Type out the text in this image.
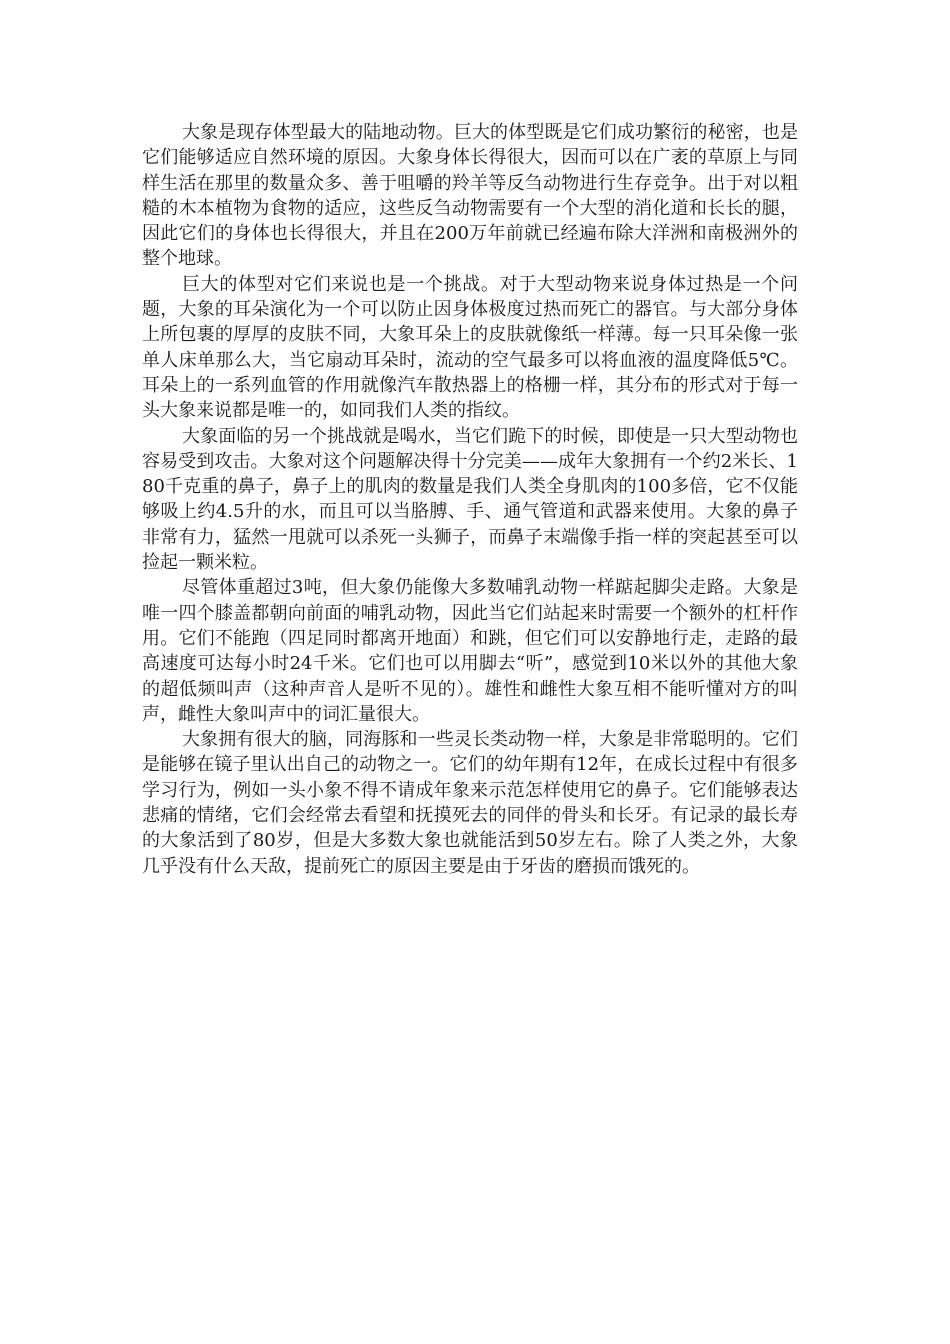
大象是现存体型最大的陆地动物。巨大的体型既是它们成功繁衍的秘密，也是它们能够适应自然环境的原因。大象身体长得很大，因而可以在广袤的草原上与同样生活在那里的数量众多、善于咀嚼的羚羊等反刍动物进行生存竞争。出于对以粗糙的木本植物为食物的适应，这些反刍动物需要有一个大型的消化道和长长的腿，因此它们的身体也长得很大，并且在200万年前就已经遍布除大洋洲和南极洲外的整个地球。

巨大的体型对它们来说也是一个挑战。对于大型动物来说身体过热是一个问题，大象的耳朵演化为一个可以防止因身体极度过热而死亡的器官。与大部分身体上所包裹的厚厚的皮肤不同，大象耳朵上的皮肤就像纸一样薄。每一只耳朵像一张单人床单那么大，当它扇动耳朵时，流动的空气最多可以将血液的温度降低5℃。耳朵上的一系列血管的作用就像汽车散热器上的格栅一样，其分布的形式对于每一头大象来说都是唯一的，如同我们人类的指纹。

大象面临的另一个挑战就是喝水，当它们跪下的时候，即使是一只大型动物也容易受到攻击。大象对这个问题解决得十分完美——成年大象拥有一个约2米长、180千克重的鼻子，鼻子上的肌肉的数量是我们人类全身肌肉的100多倍，它不仅能够吸上约4.5升的水，而且可以当胳膊、手、通气管道和武器来使用。大象的鼻子非常有力，猛然一甩就可以杀死一头狮子，而鼻子末端像手指一样的突起甚至可以捡起一颗米粒。

尽管体重超过3吨，但大象仍能像大多数哺乳动物一样踮起脚尖走路。大象是唯一四个膝盖都朝向前面的哺乳动物，因此当它们站起来时需要一个额外的杠杆作用。它们不能跑（四足同时都离开地面）和跳，但它们可以安静地行走，走路的最高速度可达每小时24千米。它们也可以用脚去“听”，感觉到10米以外的其他大象的超低频叫声（这种声音人是听不见的）。雄性和雌性大象互相不能听懂对方的叫声，雌性大象叫声中的词汇量很大。

大象拥有很大的脑，同海豚和一些灵长类动物一样，大象是非常聪明的。它们是能够在镜子里认出自己的动物之一。它们的幼年期有12年，在成长过程中有很多学习行为，例如一头小象不得不请成年象来示范怎样使用它的鼻子。它们能够表达悲痛的情绪，它们会经常去看望和抚摸死去的同伴的骨头和长牙。有记录的最长寿的大象活到了80岁，但是大多数大象也就能活到50岁左右。除了人类之外，大象几乎没有什么天敌，提前死亡的原因主要是由于牙齿的磨损而饿死的。
